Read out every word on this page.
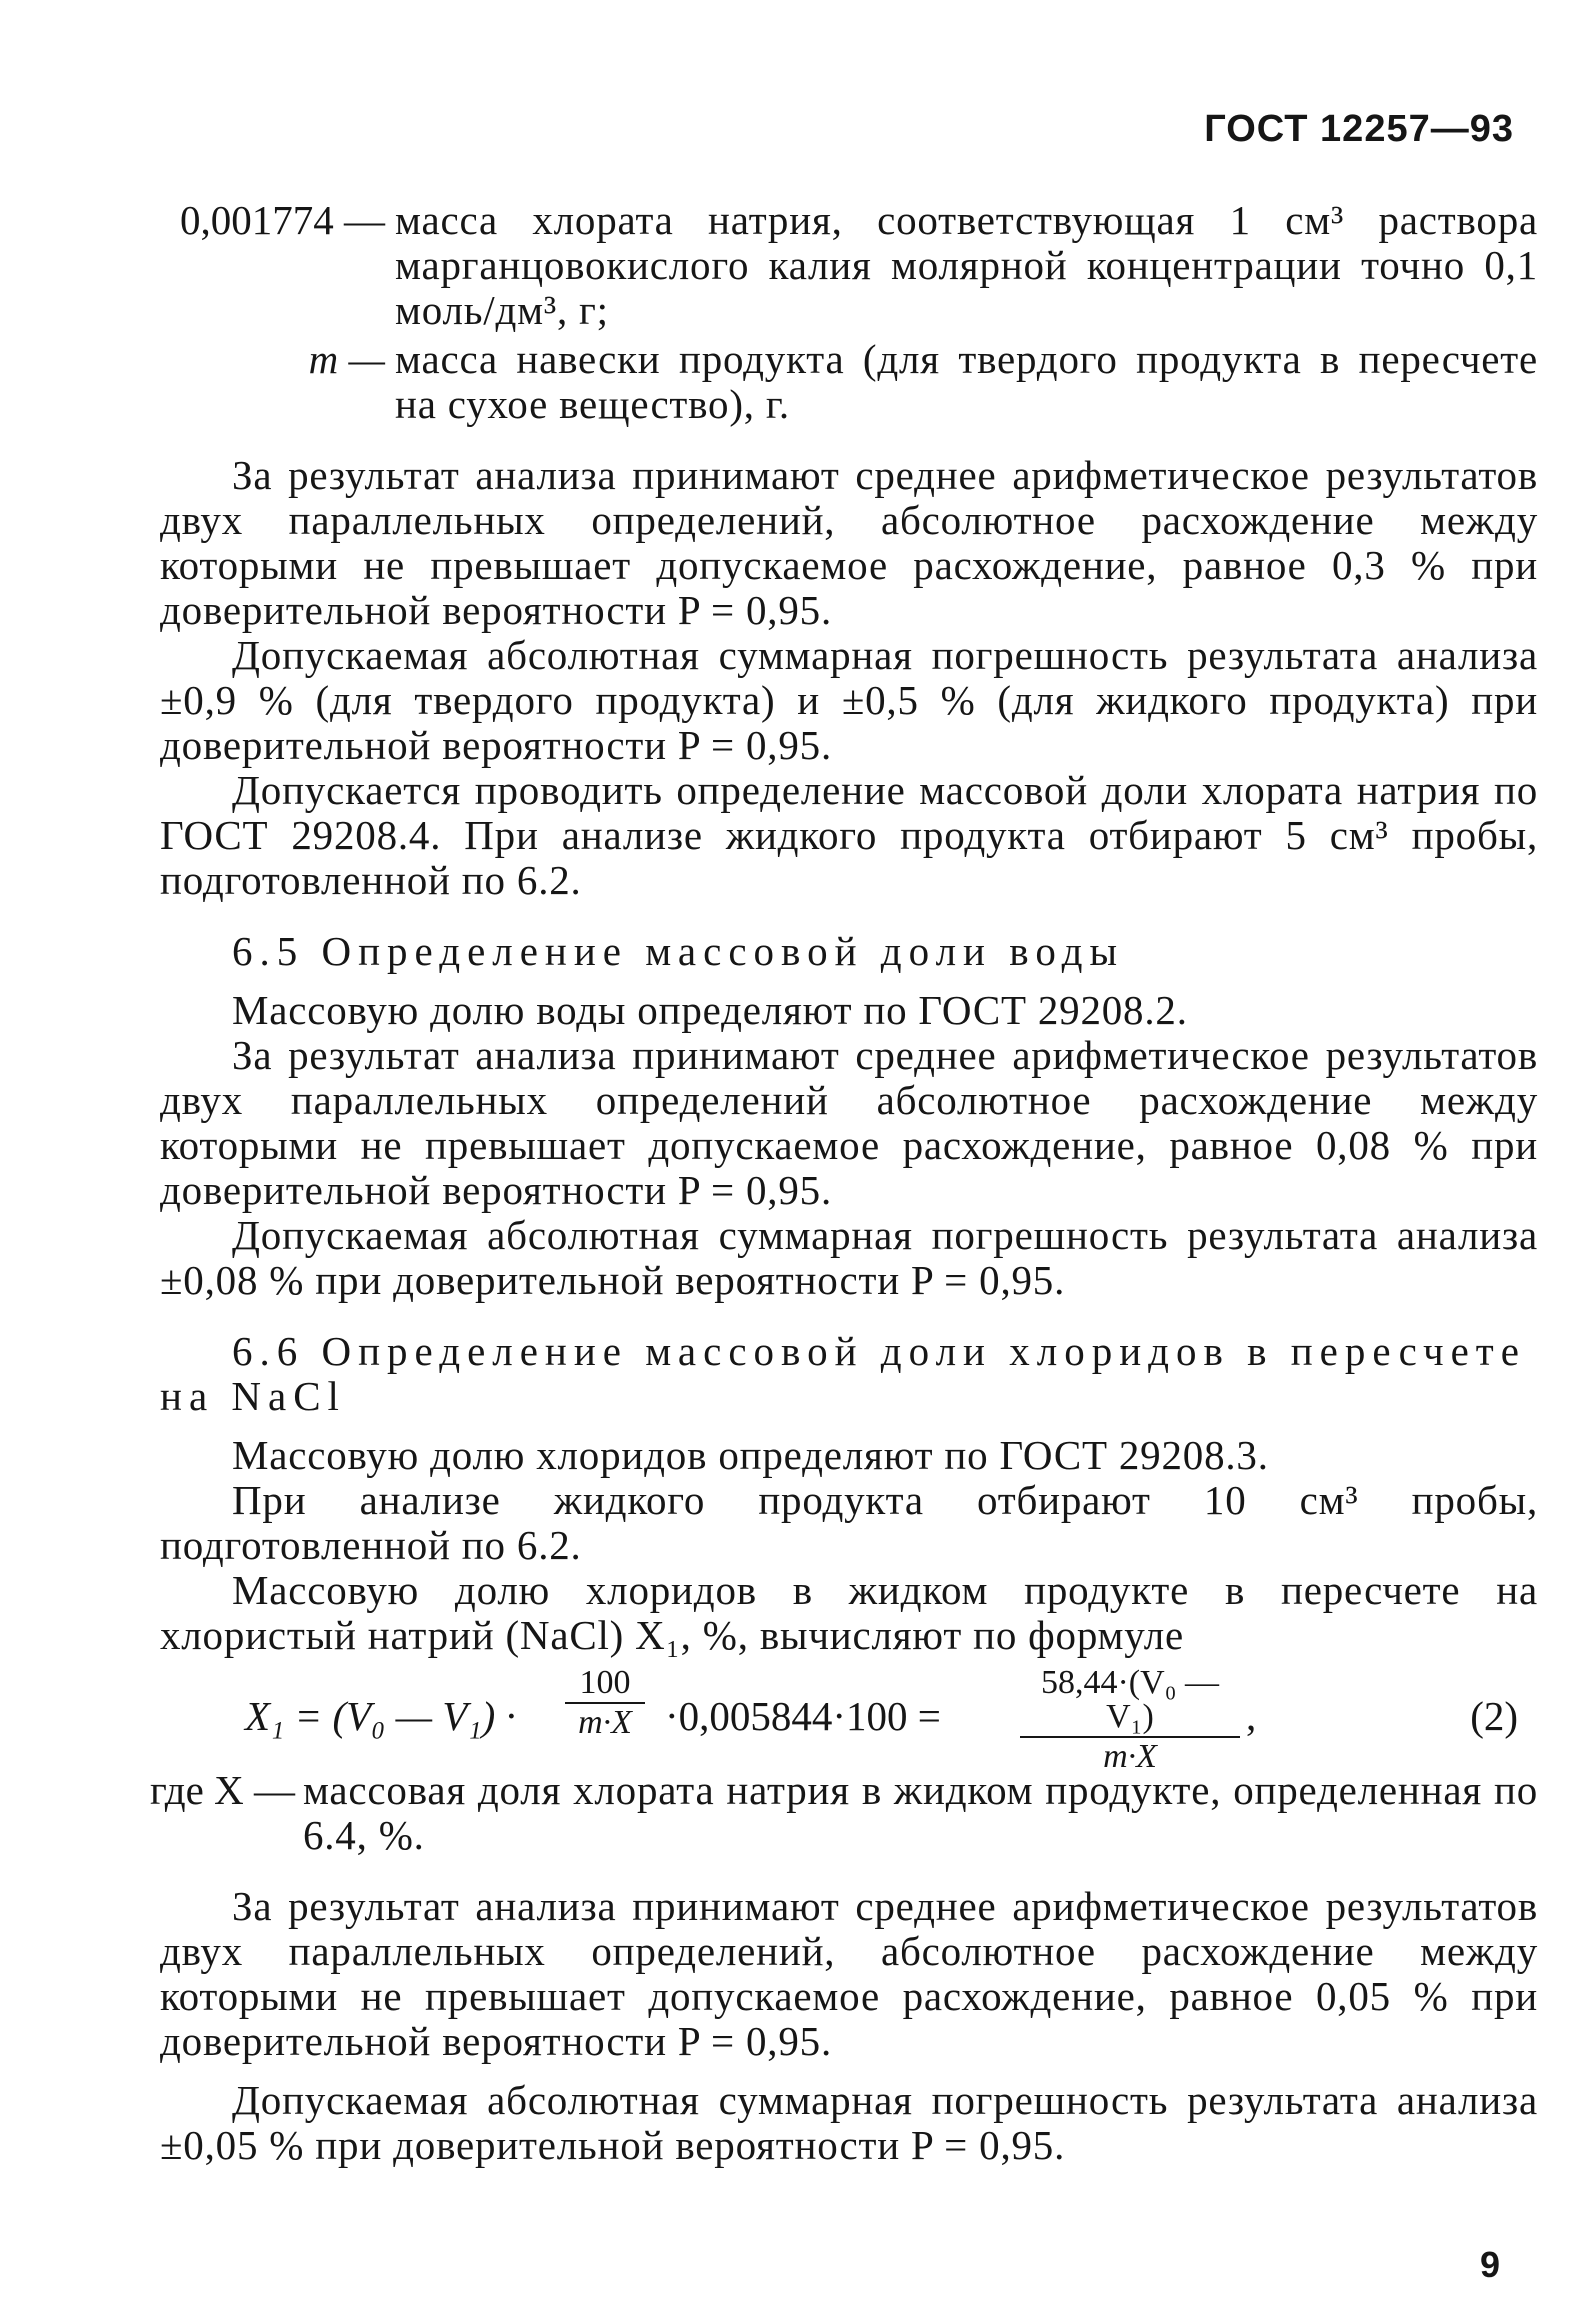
ГОСТ 12257—93
0,001774 — масса хлората натрия, соответствующая 1 см³ раствора марганцовокислого калия молярной концентрации точно 0,1 моль/дм³, г;
m — масса навески продукта (для твердого продукта в пересчете на сухое вещество), г.

За результат анализа принимают среднее арифметическое результатов двух параллельных определений, абсолютное расхождение между которыми не превышает допускаемое расхождение, равное 0,3 % при доверительной вероятности P = 0,95.

Допускаемая абсолютная суммарная погрешность результата анализа ±0,9 % (для твердого продукта) и ±0,5 % (для жидкого продукта) при доверительной вероятности P = 0,95.

Допускается проводить определение массовой доли хлората натрия по ГОСТ 29208.4. При анализе жидкого продукта отбирают 5 см³ пробы, подготовленной по 6.2.

6.5 Определение массовой доли воды

Массовую долю воды определяют по ГОСТ 29208.2.

За результат анализа принимают среднее арифметическое результатов двух параллельных определений абсолютное расхождение между которыми не превышает допускаемое расхождение, равное 0,08 % при доверительной вероятности P = 0,95.

Допускаемая абсолютная суммарная погрешность результата анализа ±0,08 % при доверительной вероятности P = 0,95.

6.6 Определение массовой доли хлоридов в пересчете на NaCl

Массовую долю хлоридов определяют по ГОСТ 29208.3.

При анализе жидкого продукта отбирают 10 см³ пробы, подготовленной по 6.2.

Массовую долю хлоридов в жидком продукте в пересчете на хлористый натрий (NaCl) X₁, %, вычисляют по формуле

X₁ = (V₀ — $V_1) \cdot \frac{100}{m\cdot X} \cdot 0,005844\cdot 100 = \frac{\text{58,44·(V₀ — V₁)}}{m\cdot X}$ ,	(2)
где X — массовая доля хлората натрия в жидком продукте, определенная по 6.4, %.

За результат анализа принимают среднее арифметическое результатов двух параллельных определений, абсолютное расхождение между которыми не превышает допускаемое расхождение, равное 0,05 % при доверительной вероятности P = 0,95.

Допускаемая абсолютная суммарная погрешность результата анализа ±0,05 % при доверительной вероятности P = 0,95.

9
